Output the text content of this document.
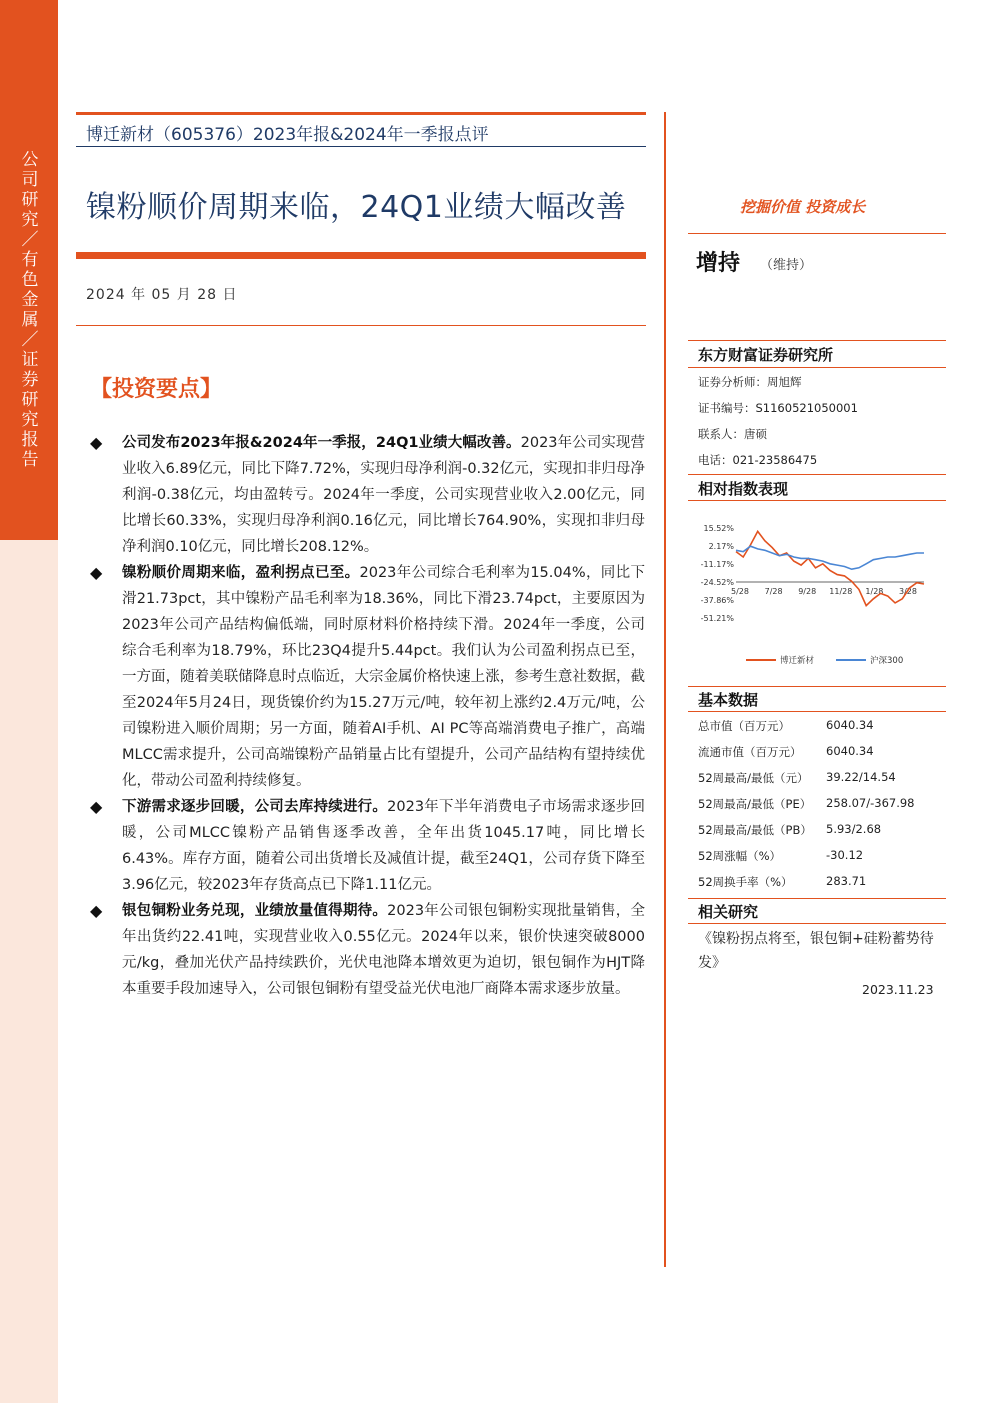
公司研究／有色金属／证券研究报告
博迁新材（605376）2023年报&2024年一季报点评
镍粉顺价周期来临，24Q1业绩大幅改善
2024 年 05 月 28 日
【投资要点】
◆ 公司发布2023年报&2024年一季报，24Q1业绩大幅改善。2023年公司实现营业收入6.89亿元，同比下降7.72%，实现归母净利润-0.32亿元，实现扣非归母净利润-0.38亿元，均由盈转亏。2024年一季度，公司实现营业收入2.00亿元，同比增长60.33%，实现归母净利润0.16亿元，同比增长764.90%，实现扣非归母净利润0.10亿元，同比增长208.12%。
◆ 镍粉顺价周期来临，盈利拐点已至。2023年公司综合毛利率为15.04%，同比下滑21.73pct，其中镍粉产品毛利率为18.36%，同比下滑23.74pct，主要原因为2023年公司产品结构偏低端，同时原材料价格持续下滑。2024年一季度，公司综合毛利率为18.79%，环比23Q4提升5.44pct。我们认为公司盈利拐点已至，一方面，随着美联储降息时点临近，大宗金属价格快速上涨，参考生意社数据，截至2024年5月24日，现货镍价约为15.27万元/吨，较年初上涨约2.4万元/吨，公司镍粉进入顺价周期；另一方面，随着AI手机、AI PC等高端消费电子推广，高端MLCC需求提升，公司高端镍粉产品销量占比有望提升，公司产品结构有望持续优化，带动公司盈利持续修复。
◆ 下游需求逐步回暖，公司去库持续进行。2023年下半年消费电子市场需求逐步回暖，公司MLCC镍粉产品销售逐季改善，全年出货1045.17吨，同比增长6.43%。库存方面，随着公司出货增长及减值计提，截至24Q1，公司存货下降至3.96亿元，较2023年存货高点已下降1.11亿元。
◆ 银包铜粉业务兑现，业绩放量值得期待。2023年公司银包铜粉实现批量销售，全年出货约22.41吨，实现营业收入0.55亿元。2024年以来，银价快速突破8000元/kg，叠加光伏产品持续跌价，光伏电池降本增效更为迫切，银包铜作为HJT降本重要手段加速导入，公司银包铜粉有望受益光伏电池厂商降本需求逐步放量。
挖掘价值 投资成长
增持 （维持）
东方财富证券研究所
证券分析师：周旭辉
证书编号：S1160521050001
联系人：唐硕
电话：021-23586475
相对指数表现
15.52%
2.17%
-11.17%
-24.52%
-37.86%
-51.21%
5/28 7/28 9/28 11/28 1/28 3/28
博迁新材	沪深300
基本数据
总市值（百万元）	6040.34
流通市值（百万元） 6040.34
52周最高/最低（元） 39.22/14.54
52周最高/最低（PE） 258.07/-367.98
52周最高/最低（PB） 5.93/2.68
52周涨幅（%）	-30.12
52周换手率（%）	283.71
相关研究
《镍粉拐点将至，银包铜+硅粉蓄势待发》
2023.11.23
